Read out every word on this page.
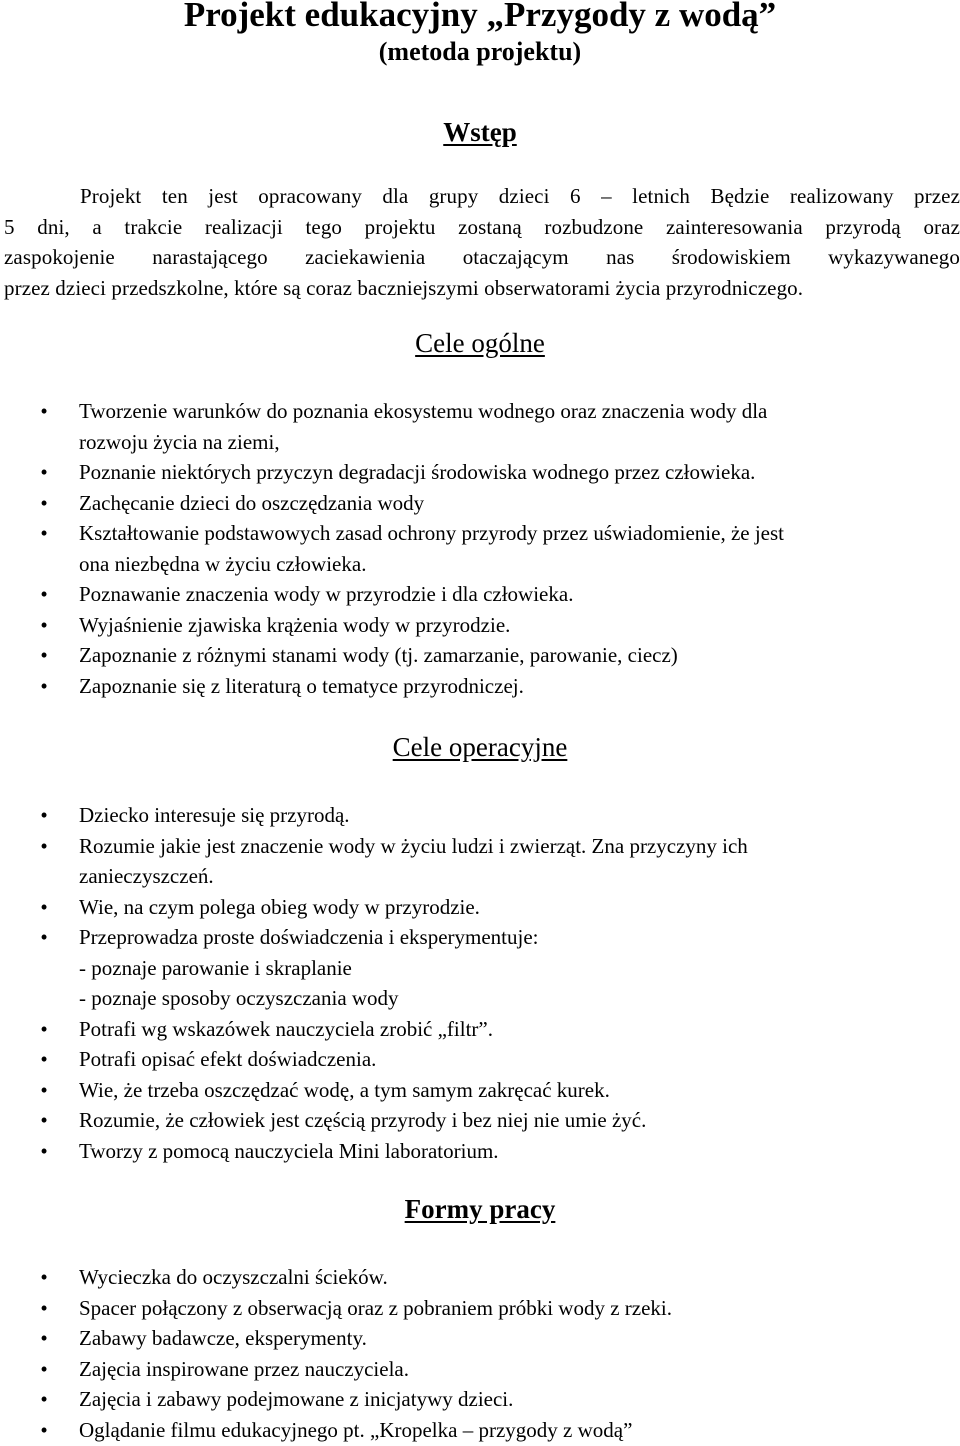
Projekt edukacyjny „Przygody z wodą”
(metoda projektu)
Wstęp
Projekt ten jest opracowany dla grupy dzieci 6 – letnich Będzie realizowany przez
5 dni, a trakcie realizacji tego projektu zostaną rozbudzone zainteresowania przyrodą oraz
zaspokojenie narastającego zaciekawienia otaczającym nas środowiskiem wykazywanego
przez dzieci przedszkolne, które są coraz baczniejszymi obserwatorami życia przyrodniczego.
Cele ogólne
• Tworzenie warunków do poznania ekosystemu wodnego oraz znaczenia wody dla
rozwoju życia na ziemi,
• Poznanie niektórych przyczyn degradacji środowiska wodnego przez człowieka.
• Zachęcanie dzieci do oszczędzania wody
• Kształtowanie podstawowych zasad ochrony przyrody przez uświadomienie, że jest
ona niezbędna w życiu człowieka.
• Poznawanie znaczenia wody w przyrodzie i dla człowieka.
• Wyjaśnienie zjawiska krążenia wody w przyrodzie.
• Zapoznanie z różnymi stanami wody (tj. zamarzanie, parowanie, ciecz)
• Zapoznanie się z literaturą o tematyce przyrodniczej.
Cele operacyjne
• Dziecko interesuje się przyrodą.
• Rozumie jakie jest znaczenie wody w życiu ludzi i zwierząt. Zna przyczyny ich
zanieczyszczeń.
• Wie, na czym polega obieg wody w przyrodzie.
• Przeprowadza proste doświadczenia i eksperymentuje:
- poznaje parowanie i skraplanie
- poznaje sposoby oczyszczania wody
• Potrafi wg wskazówek nauczyciela zrobić „filtr”.
• Potrafi opisać efekt doświadczenia.
• Wie, że trzeba oszczędzać wodę, a tym samym zakręcać kurek.
• Rozumie, że człowiek jest częścią przyrody i bez niej nie umie żyć.
• Tworzy z pomocą nauczyciela Mini laboratorium.
Formy pracy
• Wycieczka do oczyszczalni ścieków.
• Spacer połączony z obserwacją oraz z pobraniem próbki wody z rzeki.
• Zabawy badawcze, eksperymenty.
• Zajęcia inspirowane przez nauczyciela.
• Zajęcia i zabawy podejmowane z inicjatywy dzieci.
• Oglądanie filmu edukacyjnego pt. „Kropelka – przygody z wodą”
